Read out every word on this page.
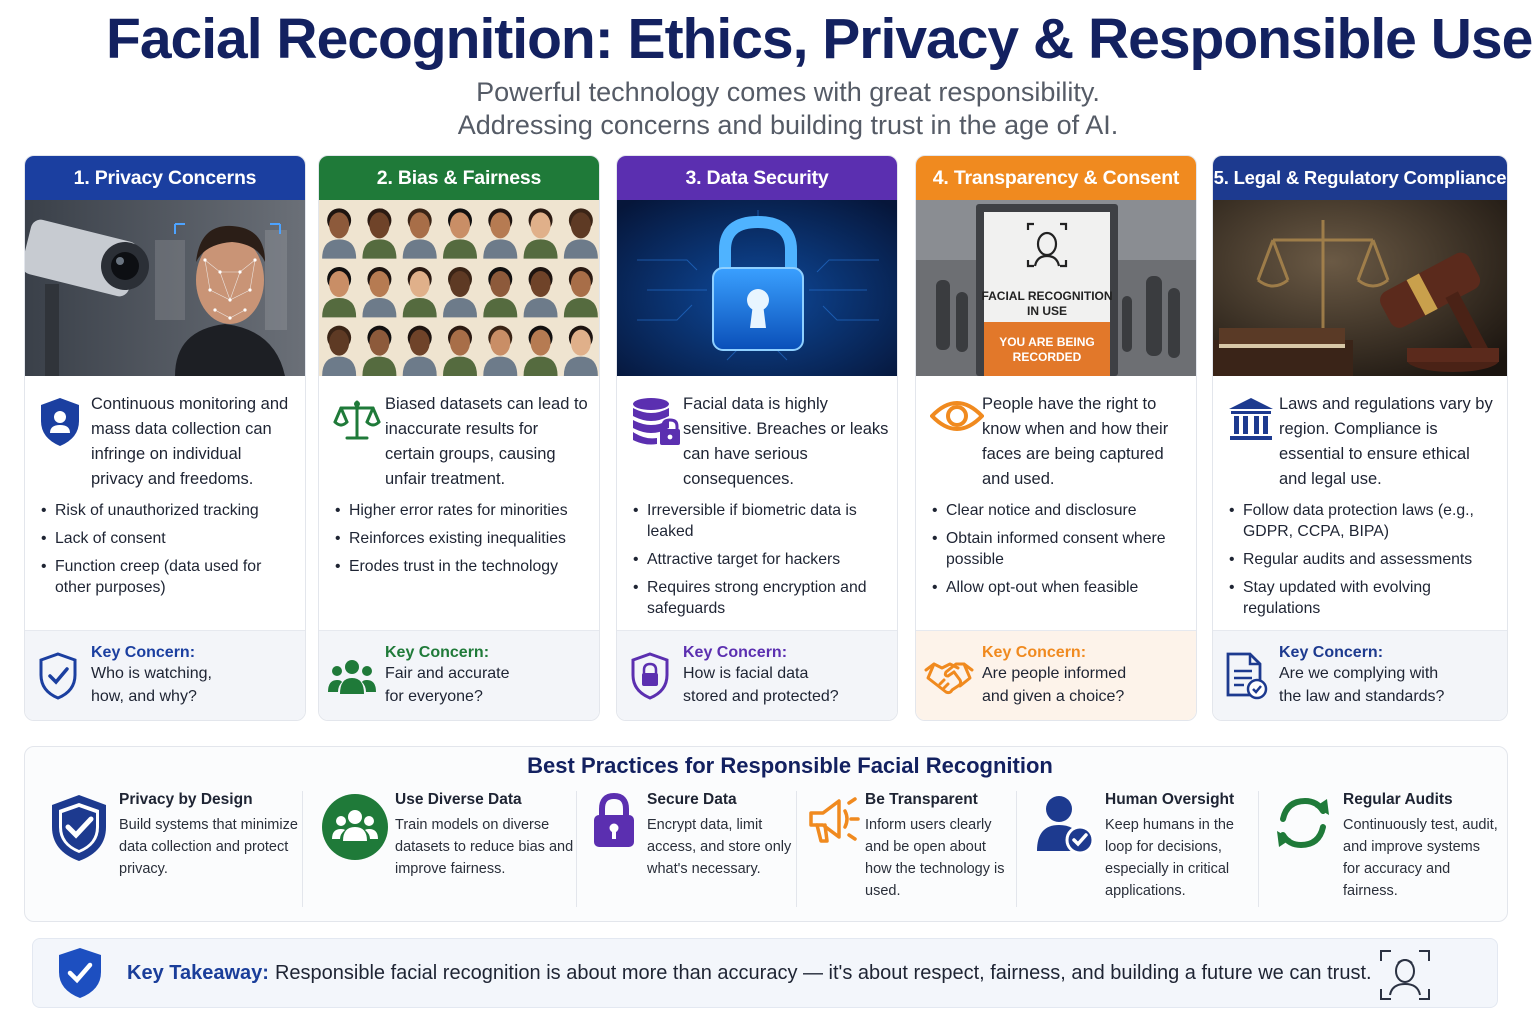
Facial Recognition: Ethics, Privacy & Responsible Use
Powerful technology comes with great responsibility.
Addressing concerns and building trust in the age of AI.
1. Privacy Concerns
Continuous monitoring and mass data collection can infringe on individual privacy and freedoms.
• Risk of unauthorized tracking
• Lack of consent
• Function creep (data used for other purposes)
Key Concern:
Who is watching,
how, and why?
2. Bias & Fairness
Biased datasets can lead to inaccurate results for certain groups, causing unfair treatment.
• Higher error rates for minorities
• Reinforces existing inequalities
• Erodes trust in the technology
Key Concern:
Fair and accurate
for everyone?
3. Data Security
Facial data is highly sensitive. Breaches or leaks can have serious consequences.
• Irreversible if biometric data is leaked
• Attractive target for hackers
• Requires strong encryption and safeguards
Key Concern:
How is facial data
stored and protected?
4. Transparency & Consent
FACIAL RECOGNITION
IN USE
YOU ARE BEING
RECORDED
People have the right to know when and how their faces are being captured and used.
• Clear notice and disclosure
• Obtain informed consent where possible
• Allow opt-out when feasible
Key Concern:
Are people informed
and given a choice?
5. Legal & Regulatory Compliance
Laws and regulations vary by region. Compliance is essential to ensure ethical and legal use.
• Follow data protection laws (e.g., GDPR, CCPA, BIPA)
• Regular audits and assessments
• Stay updated with evolving regulations
Key Concern:
Are we complying with
the law and standards?
Best Practices for Responsible Facial Recognition
Privacy by Design
Build systems that minimize data collection and protect privacy.
Use Diverse Data
Train models on diverse datasets to reduce bias and improve fairness.
Secure Data
Encrypt data, limit access, and store only what's necessary.
Be Transparent
Inform users clearly and be open about how the technology is used.
Human Oversight
Keep humans in the loop for decisions, especially in critical applications.
Regular Audits
Continuously test, audit, and improve systems for accuracy and fairness.
Key Takeaway: Responsible facial recognition is about more than accuracy — it's about respect, fairness, and building a future we can trust.
